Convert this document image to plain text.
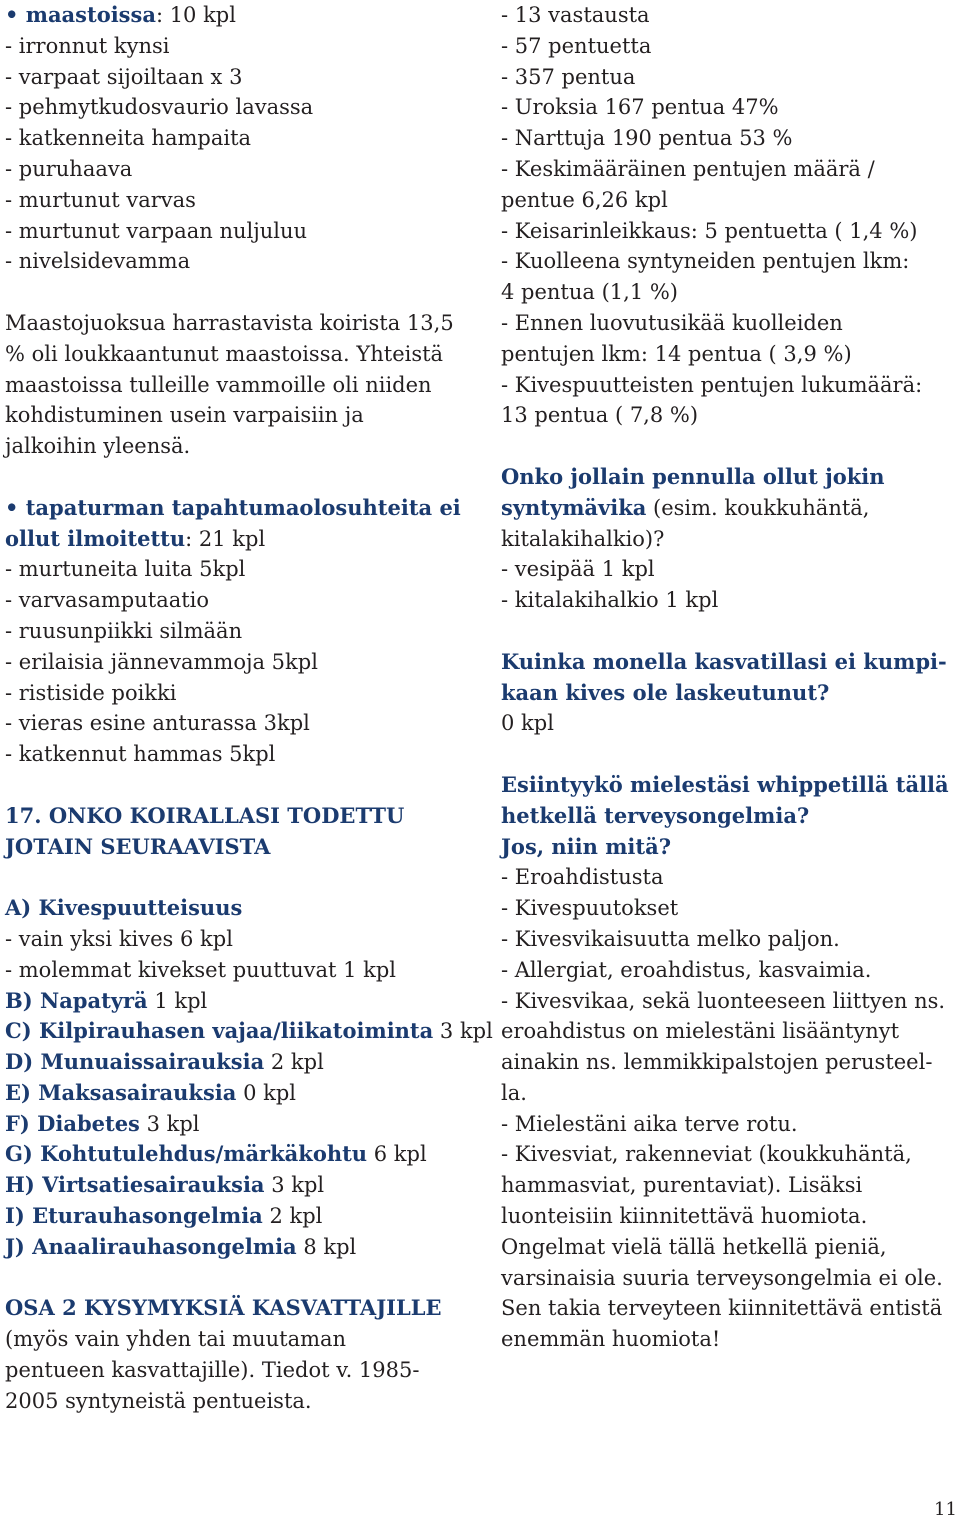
• maastoissa: 10 kpl

- irronnut kynsi

- varpaat sijoiltaan x 3

- pehmytkudosvaurio lavassa

- katkenneita hampaita

- puruhaava

- murtunut varvas

- murtunut varpaan nuljuluu

- nivelsidevamma

Maastojuoksua harrastavista koirista 13,5

% oli loukkaantunut maastoissa. Yhteistä

maastoissa tulleille vammoille oli niiden

kohdistuminen usein varpaisiin ja

jalkoihin yleensä.

• tapaturman tapahtumaolosuhteita ei

ollut ilmoitettu: 21 kpl

- murtuneita luita 5kpl

- varvasamputaatio

- ruusunpiikki silmään

- erilaisia jännevammoja 5kpl

- ristiside poikki

- vieras esine anturassa 3kpl

- katkennut hammas 5kpl

17. ONKO KOIRALLASI TODETTU

JOTAIN SEURAAVISTA

A) Kivespuutteisuus

- vain yksi kives 6 kpl

- molemmat kivekset puuttuvat 1 kpl

B) Napatyrä 1 kpl

C) Kilpirauhasen vajaa/liikatoiminta 3 kpl

D) Munuaissairauksia 2 kpl

E) Maksasairauksia 0 kpl

F) Diabetes 3 kpl

G) Kohtutulehdus/märkäkohtu 6 kpl

H) Virtsatiesairauksia 3 kpl

I) Eturauhasongelmia 2 kpl

J) Anaalirauhasongelmia 8 kpl

OSA 2 KYSYMYKSIÄ KASVATTAJILLE

(myös vain yhden tai muutaman

pentueen kasvattajille). Tiedot v. 1985-

2005 syntyneistä pentueista.

- 13 vastausta

- 57 pentuetta

- 357 pentua

- Uroksia 167 pentua 47%

- Narttuja 190 pentua 53 %

- Keskimääräinen pentujen määrä /

pentue 6,26 kpl

- Keisarinleikkaus: 5 pentuetta ( 1,4 %)

- Kuolleena syntyneiden pentujen lkm:

4 pentua (1,1 %)

- Ennen luovutusikää kuolleiden

pentujen lkm: 14 pentua ( 3,9 %)

- Kivespuutteisten pentujen lukumäärä:

13 pentua ( 7,8 %)

Onko jollain pennulla ollut jokin

syntymävika (esim. koukkuhäntä,

kitalakihalkio)?

- vesipää 1 kpl

- kitalakihalkio 1 kpl

Kuinka monella kasvatillasi ei kumpi-

kaan kives ole laskeutunut?

0 kpl

Esiintyykö mielestäsi whippetillä tällä

hetkellä terveysongelmia?

Jos, niin mitä?

- Eroahdistusta

- Kivespuutokset

- Kivesvikaisuutta melko paljon.

- Allergiat, eroahdistus, kasvaimia.

- Kivesvikaa, sekä luonteeseen liittyen ns.

eroahdistus on mielestäni lisääntynyt

ainakin ns. lemmikkipalstojen perusteel-

la.

- Mielestäni aika terve rotu.

- Kivesviat, rakenneviat (koukkuhäntä,

hammasviat, purentaviat). Lisäksi

luonteisiin kiinnitettävä huomiota.

Ongelmat vielä tällä hetkellä pieniä,

varsinaisia suuria terveysongelmia ei ole.

Sen takia terveyteen kiinnitettävä entistä

enemmän huomiota!

11
